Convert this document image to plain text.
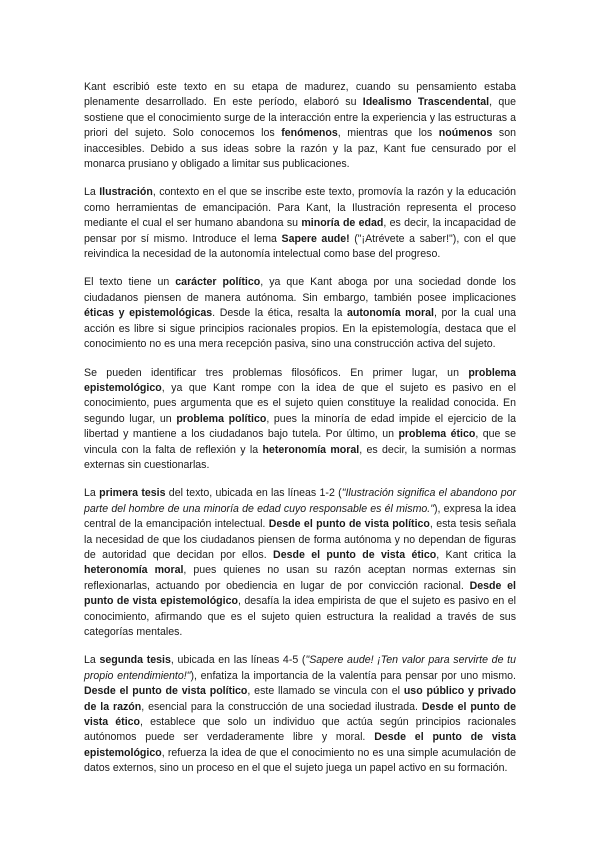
Kant escribió este texto en su etapa de madurez, cuando su pensamiento estaba plenamente desarrollado. En este período, elaboró su Idealismo Trascendental, que sostiene que el conocimiento surge de la interacción entre la experiencia y las estructuras a priori del sujeto. Solo conocemos los fenómenos, mientras que los noúmenos son inaccesibles. Debido a sus ideas sobre la razón y la paz, Kant fue censurado por el monarca prusiano y obligado a limitar sus publicaciones.

La Ilustración, contexto en el que se inscribe este texto, promovía la razón y la educación como herramientas de emancipación. Para Kant, la Ilustración representa el proceso mediante el cual el ser humano abandona su minoría de edad, es decir, la incapacidad de pensar por sí mismo. Introduce el lema Sapere aude! ("¡Atrévete a saber!"), con el que reivindica la necesidad de la autonomía intelectual como base del progreso.

El texto tiene un carácter político, ya que Kant aboga por una sociedad donde los ciudadanos piensen de manera autónoma. Sin embargo, también posee implicaciones éticas y epistemológicas. Desde la ética, resalta la autonomía moral, por la cual una acción es libre si sigue principios racionales propios. En la epistemología, destaca que el conocimiento no es una mera recepción pasiva, sino una construcción activa del sujeto.

Se pueden identificar tres problemas filosóficos. En primer lugar, un problema epistemológico, ya que Kant rompe con la idea de que el sujeto es pasivo en el conocimiento, pues argumenta que es el sujeto quien constituye la realidad conocida. En segundo lugar, un problema político, pues la minoría de edad impide el ejercicio de la libertad y mantiene a los ciudadanos bajo tutela. Por último, un problema ético, que se vincula con la falta de reflexión y la heteronomía moral, es decir, la sumisión a normas externas sin cuestionarlas.

La primera tesis del texto, ubicada en las líneas 1-2 ("Ilustración significa el abandono por parte del hombre de una minoría de edad cuyo responsable es él mismo."), expresa la idea central de la emancipación intelectual. Desde el punto de vista político, esta tesis señala la necesidad de que los ciudadanos piensen de forma autónoma y no dependan de figuras de autoridad que decidan por ellos. Desde el punto de vista ético, Kant critica la heteronomía moral, pues quienes no usan su razón aceptan normas externas sin reflexionarlas, actuando por obediencia en lugar de por convicción racional. Desde el punto de vista epistemológico, desafía la idea empirista de que el sujeto es pasivo en el conocimiento, afirmando que es el sujeto quien estructura la realidad a través de sus categorías mentales.

La segunda tesis, ubicada en las líneas 4-5 ("Sapere aude! ¡Ten valor para servirte de tu propio entendimiento!"), enfatiza la importancia de la valentía para pensar por uno mismo. Desde el punto de vista político, este llamado se vincula con el uso público y privado de la razón, esencial para la construcción de una sociedad ilustrada. Desde el punto de vista ético, establece que solo un individuo que actúa según principios racionales autónomos puede ser verdaderamente libre y moral. Desde el punto de vista epistemológico, refuerza la idea de que el conocimiento no es una simple acumulación de datos externos, sino un proceso en el que el sujeto juega un papel activo en su formación.
